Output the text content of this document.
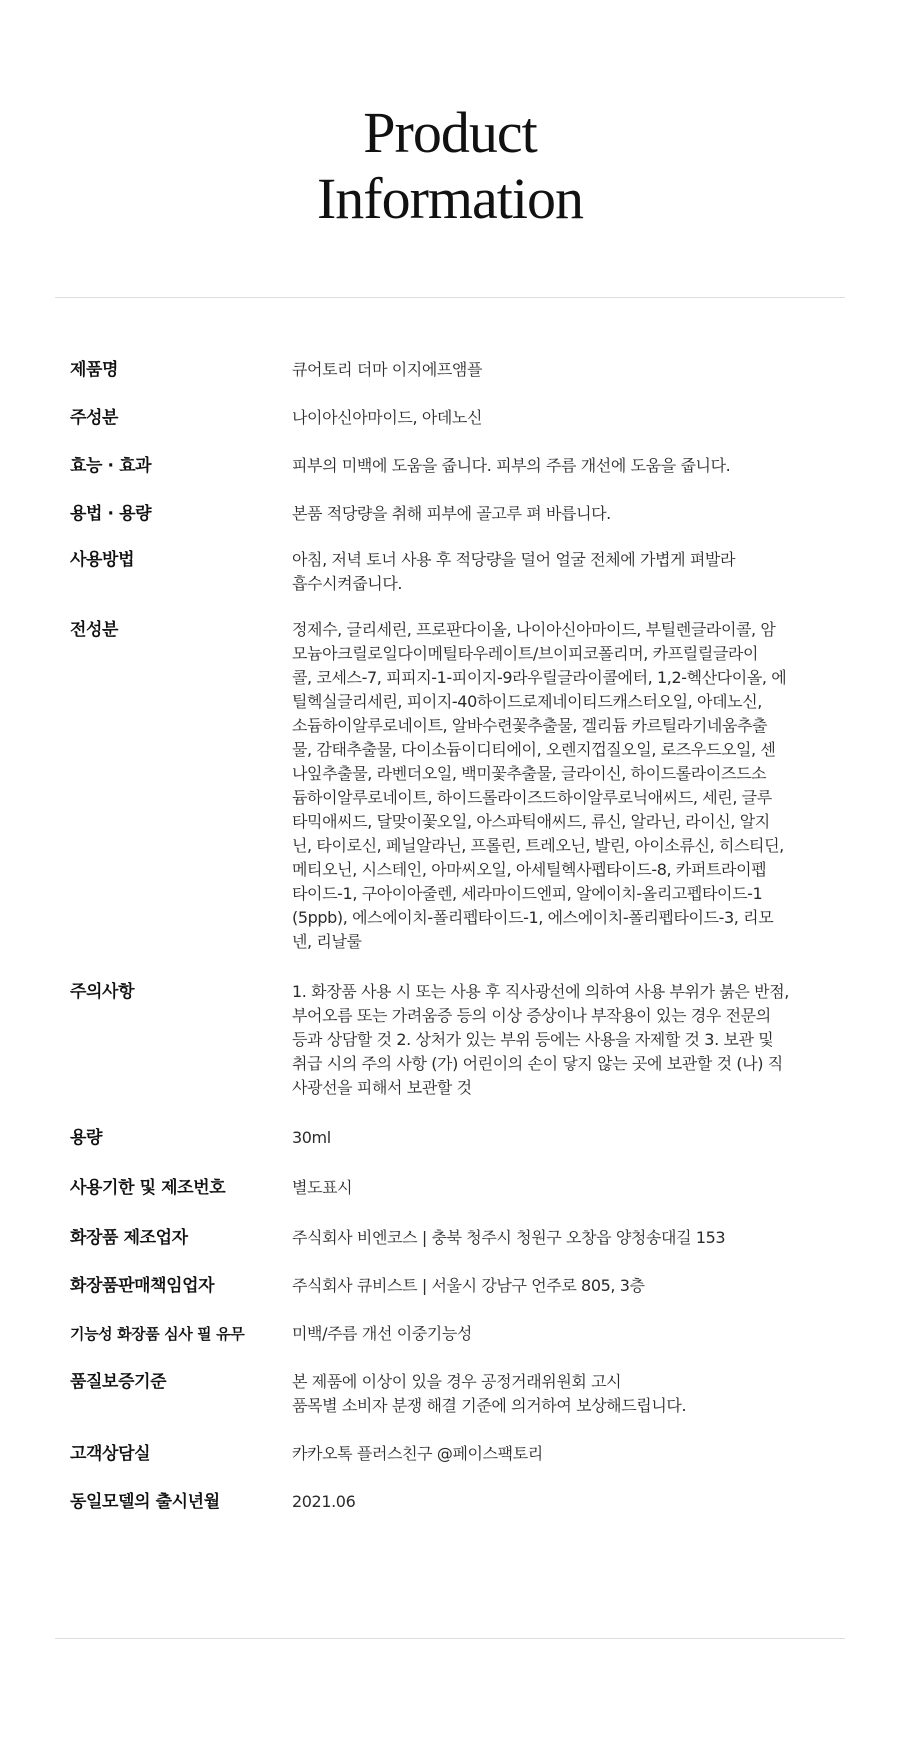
Product
Information
제품명	큐어토리 더마 이지에프앰플
주성분	나이아신아마이드, 아데노신
효능 · 효과	피부의 미백에 도움을 줍니다. 피부의 주름 개선에 도움을 줍니다.
용법 · 용량	본품 적당량을 취해 피부에 골고루 펴 바릅니다.
사용방법	아침, 저녁 토너 사용 후 적당량을 덜어 얼굴 전체에 가볍게 펴발라
흡수시켜줍니다.
전성분	정제수, 글리세린, 프로판다이올, 나이아신아마이드, 부틸렌글라이콜, 암
모늄아크릴로일다이메틸타우레이트/브이피코폴리머, 카프릴릴글라이
콜, 코세스-7, 피피지-1-피이지-9라우릴글라이콜에터, 1,2-헥산다이올, 에
틸헥실글리세린, 피이지-40하이드로제네이티드캐스터오일, 아데노신,
소듐하이알루로네이트, 알바수련꽃추출물, 겔리듐 카르틸라기네움추출
물, 감태추출물, 다이소듐이디티에이, 오렌지껍질오일, 로즈우드오일, 센
나잎추출물, 라벤더오일, 백미꽃추출물, 글라이신, 하이드롤라이즈드소
듐하이알루로네이트, 하이드롤라이즈드하이알루로닉애씨드, 세린, 글루
타믹애씨드, 달맞이꽃오일, 아스파틱애씨드, 류신, 알라닌, 라이신, 알지
닌, 타이로신, 페닐알라닌, 프롤린, 트레오닌, 발린, 아이소류신, 히스티딘,
메티오닌, 시스테인, 아마씨오일, 아세틸헥사펩타이드-8, 카퍼트라이펩
타이드-1, 구아이아줄렌, 세라마이드엔피, 알에이치-올리고펩타이드-1
(5ppb), 에스에이치-폴리펩타이드-1, 에스에이치-폴리펩타이드-3, 리모
넨, 리날룰
주의사항	1. 화장품 사용 시 또는 사용 후 직사광선에 의하여 사용 부위가 붉은 반점,
부어오름 또는 가려움증 등의 이상 증상이나 부작용이 있는 경우 전문의
등과 상담할 것 2. 상처가 있는 부위 등에는 사용을 자제할 것 3. 보관 및
취급 시의 주의 사항 (가) 어린이의 손이 닿지 않는 곳에 보관할 것 (나) 직
사광선을 피해서 보관할 것
용량	30ml
사용기한 및 제조번호	별도표시
화장품 제조업자	주식회사 비엔코스 | 충북 청주시 청원구 오창읍 양청송대길 153
화장품판매책임업자	주식회사 큐비스트 | 서울시 강남구 언주로 805, 3층
기능성 화장품 심사 필 유무	미백/주름 개선 이중기능성
품질보증기준	본 제품에 이상이 있을 경우 공정거래위원회 고시
품목별 소비자 분쟁 해결 기준에 의거하여 보상해드립니다.
고객상담실	카카오톡 플러스친구 @페이스팩토리
동일모델의 출시년월	2021.06
